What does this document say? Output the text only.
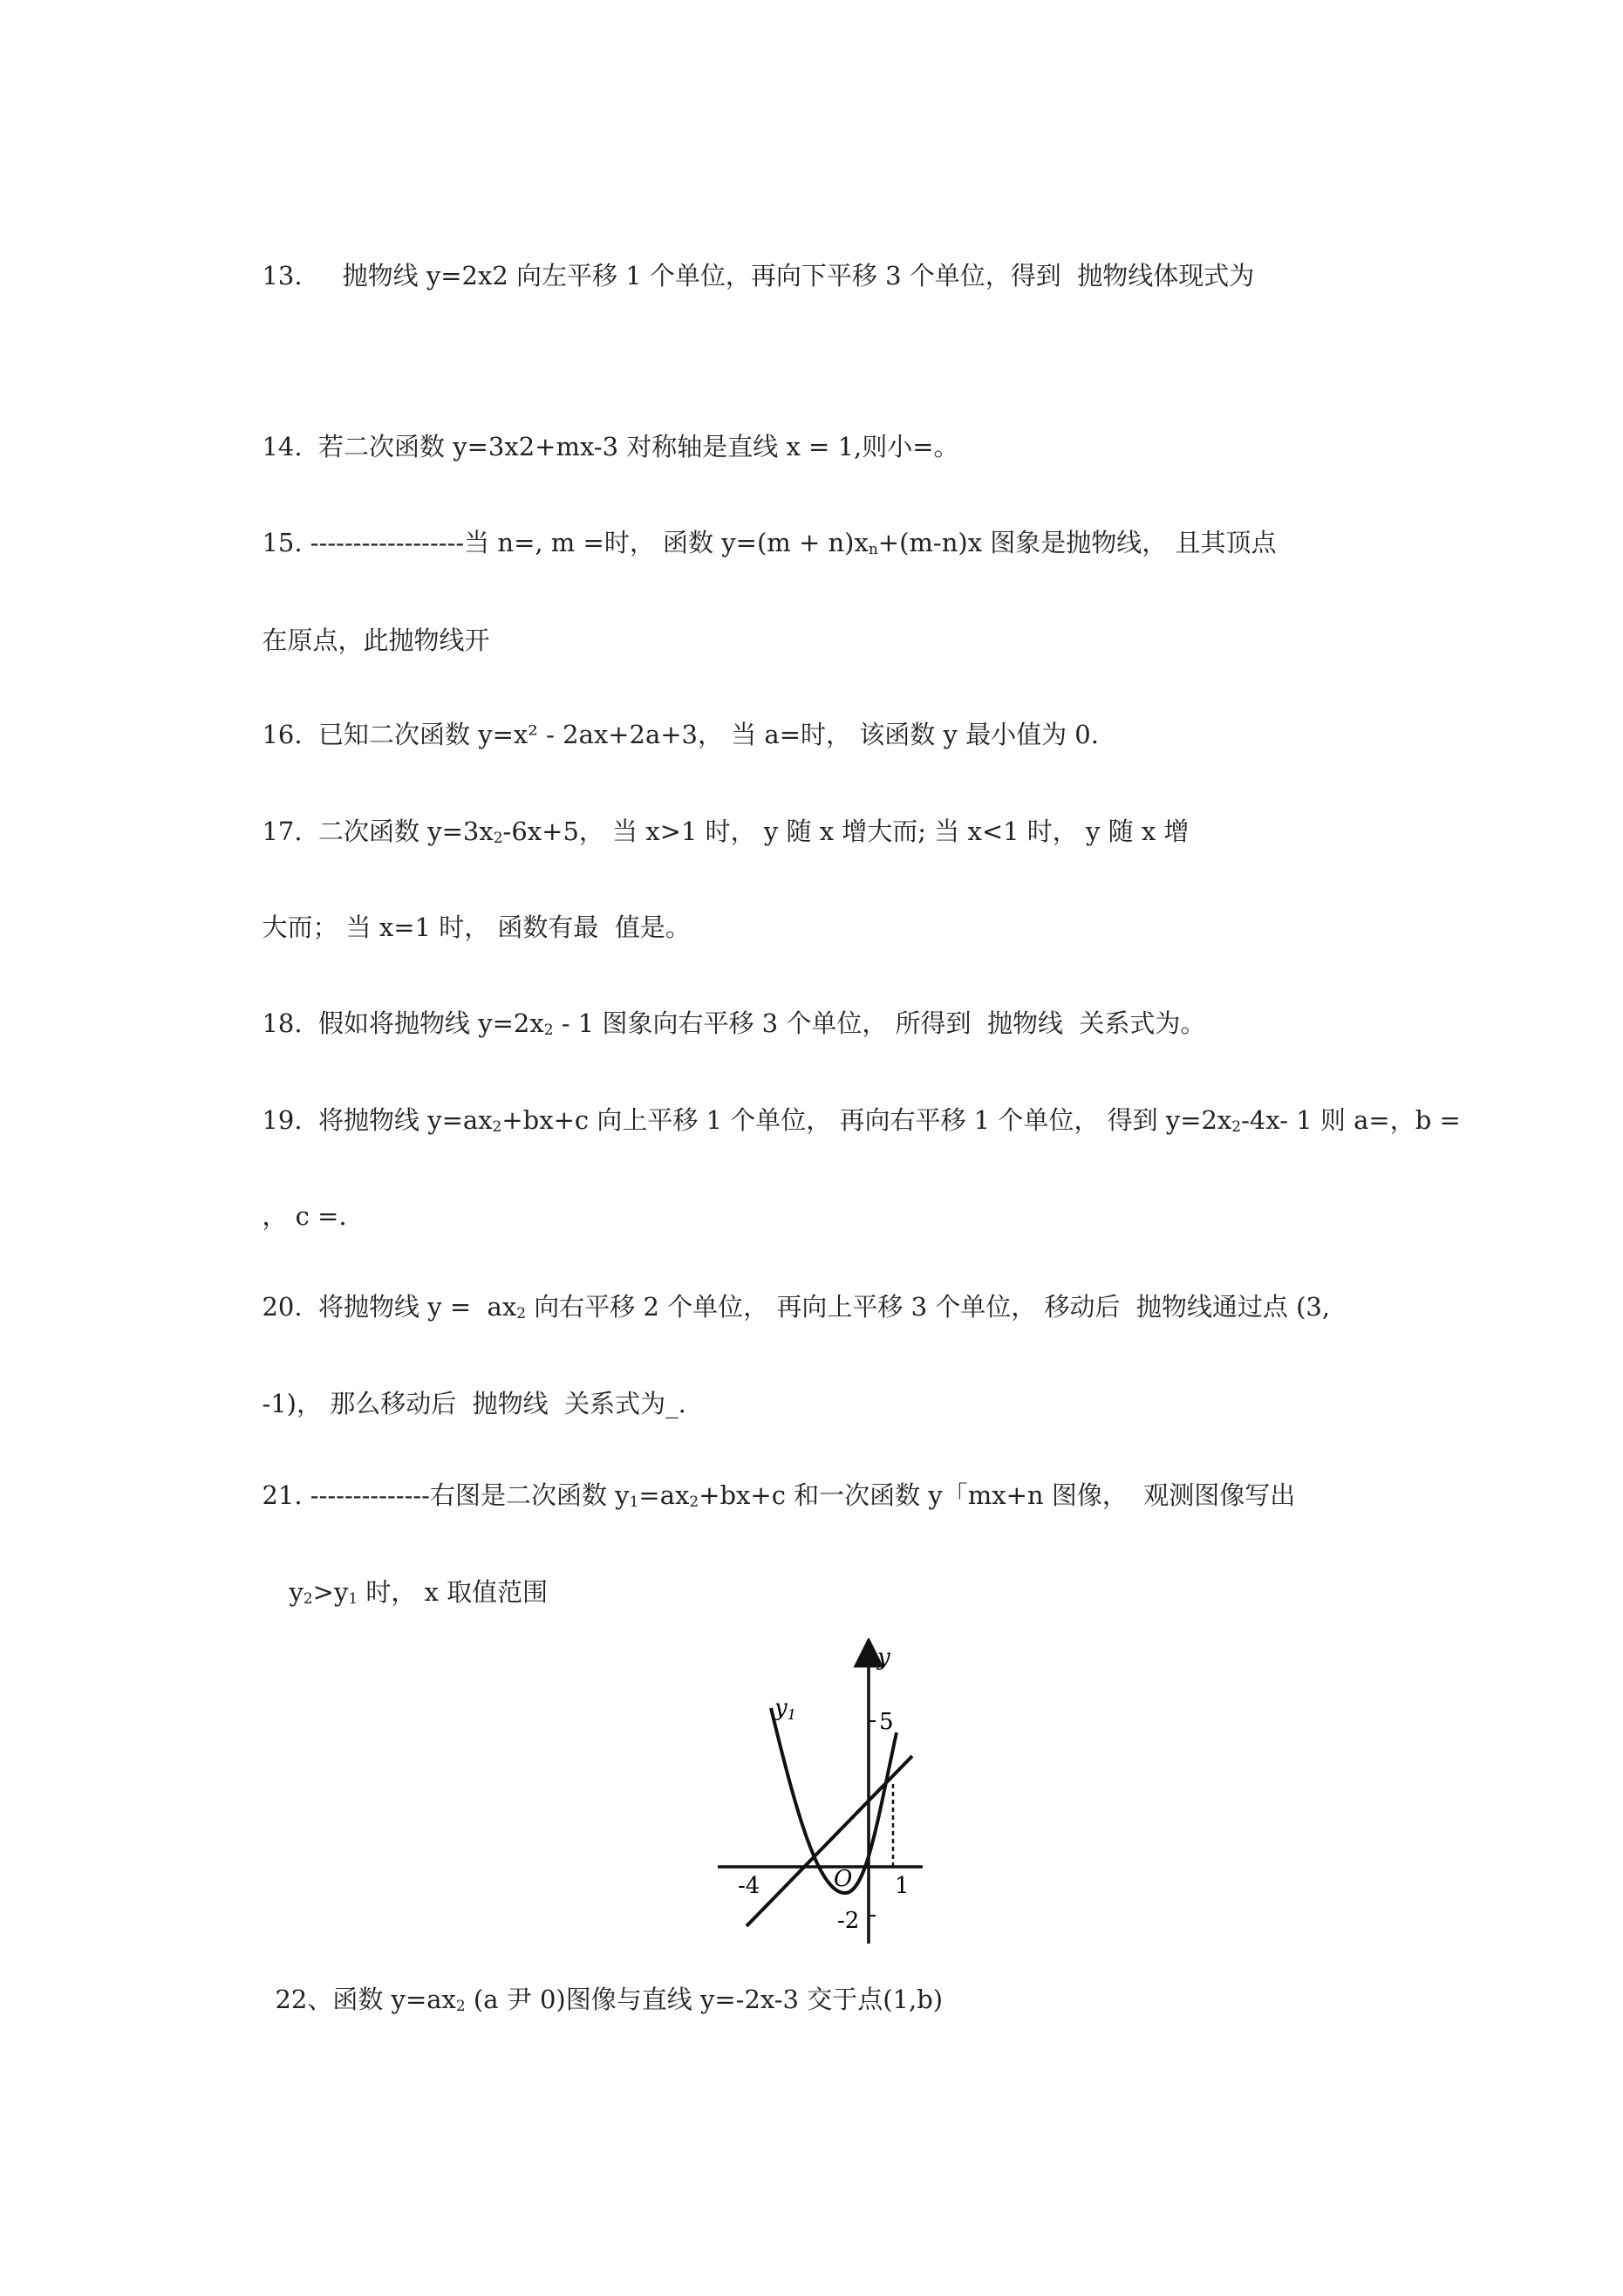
13. 抛物线 y=2x2 向左平移 1 个单位，再向下平移 3 个单位，得到  抛物线体现式为

14. 若二次函数 y=3x2+mx-3 对称轴是直线 x = 1,则小=。

15. ------------------当 n=, m =时， 函数 $y=(m + n)x_n+(m-n)x$ 图象是抛物线， 且其顶点

在原点，此抛物线开

16. 已知二次函数 y=x² - 2ax+2a+3， 当 a=时， 该函数 y 最小值为 0.

17. 二次函数 $y=3x_2-6x+5$， 当 x>1 时， y 随 x 增大而; 当 x<1 时， y 随 x 增

大而； 当 x=1 时， 函数有最  值是。

18. 假如将抛物线 $y=2x_2 - 1$ 图象向右平移 3 个单位， 所得到  抛物线  关系式为。

19. 将抛物线 $y=ax_2+bx+c$ 向上平移 1 个单位， 再向右平移 1 个单位， 得到 $y=2x_2-4x-$ 1 则 a=，b =

， c =.

20. 将抛物线 $y = ax_2$ 向右平移 2 个单位， 再向上平移 3 个单位， 移动后  抛物线通过点 (3,

-1)， 那么移动后  抛物线  关系式为_.

21. --------------右图是二次函数 $y_1=ax_2+bx+c$ 和一次函数 y「mx+n 图像，  观测图像写出

$y_2>y_1$ 时， x 取值范围

y
y1	5
-4	1
-2
O

22、函数 $y=ax_2$ (a 尹 0)图像与直线 y=-2x-3 交于点(1,b)
